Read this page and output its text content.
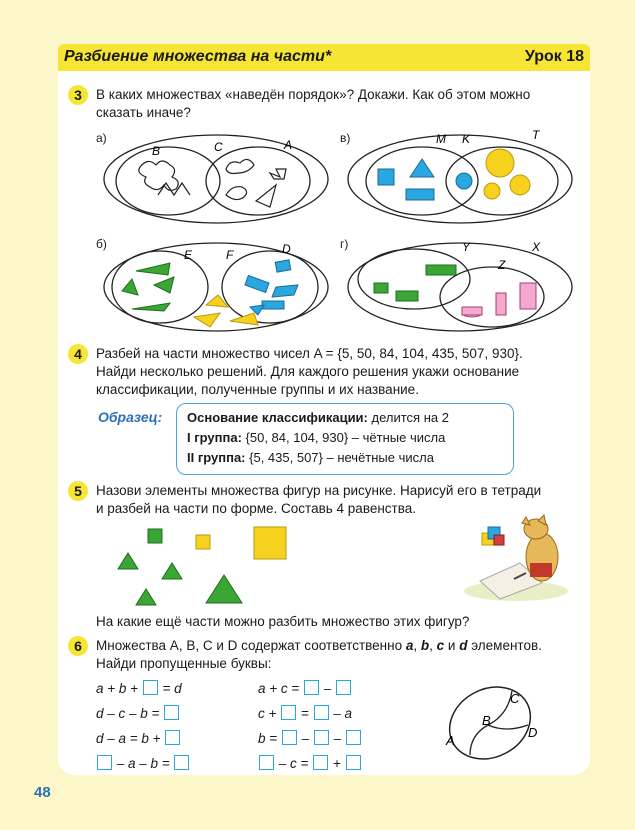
Разбиение множества на части*	Урок 18
3	В каких множествах «наведён порядок»? Докажи. Как об этом можно
сказать иначе?
а)
B	C	A	в)	M K	T
б)
E	F	D	г)	Y
Z
X
4	Разбей на части множество чисел A = {5, 50, 84, 104, 435, 507, 930}.
Найди несколько решений. Для каждого решения укажи основание
классификации, полученные группы и их название.
Образец: Основание классификации: делится на 2
I группа: {50, 84, 104, 930} – чётные числа
II группа: {5, 435, 507} – нечётные числа
5	Назови элементы множества фигур на рисунке. Нарисуй его в тетради
и разбей на части по форме. Составь 4 равенства.
На какие ещё части можно разбить множество этих фигур?
6	Множества A, B, C и D содержат соответственно a, b, c и d элементов.
Найди пропущенные буквы:
a + b +  = d
d – c – b =
d – a = b +
– a – b =
a + c =  –
c +  =  – a
b =  –  –
– c =  +
A
B
C
D
48
